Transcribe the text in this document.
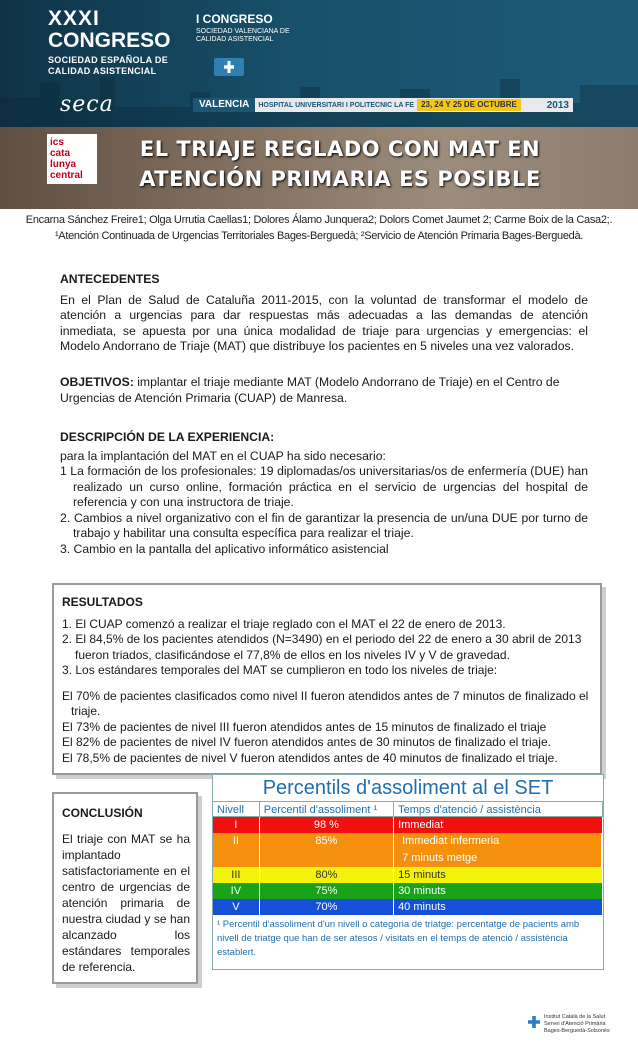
XXXI
CONGRESO
SOCIEDAD ESPAÑOLA DE CALIDAD ASISTENCIAL
seca
I CONGRESO
SOCIEDAD VALENCIANA DE CALIDAD ASISTENCIAL
VALENCIA	HOSPITAL UNIVERSITARI I POLITECNIC LA FE 23, 24 Y 25 DE OCTUBRE	2013
ics
cata
lunya
central
EL TRIAJE REGLADO CON MAT EN
ATENCIÓN PRIMARIA ES POSIBLE
Encarna Sánchez Freire1; Olga Urrutia Caellas1; Dolores Álamo Junquera2; Dolors Comet Jaumet 2; Carme Boix de la Casa2;.
¹Atención Continuada de Urgencias Territoriales Bages-Berguedà; ²Servicio de Atención Primaria Bages-Berguedà.
ANTECEDENTES
En el Plan de Salud de Cataluña 2011-2015, con la voluntad de transformar el modelo de atención a urgencias para dar respuestas más adecuadas a las demandas de atención inmediata, se apuesta por una única modalidad de triaje para urgencias y emergencias: el Modelo Andorrano de Triaje (MAT) que distribuye los pacientes en 5 niveles una vez valorados.
OBJETIVOS: implantar el triaje mediante MAT (Modelo Andorrano de Triaje) en el Centro de Urgencias de Atención Primaria (CUAP) de Manresa.
DESCRIPCIÓN DE LA EXPERIENCIA:
para la implantación del MAT en el CUAP ha sido necesario:
1 La formación de los profesionales: 19 diplomadas/os universitarias/os de enfermería (DUE) han realizado un curso online, formación práctica en el servicio de urgencias del hospital de referencia y con una instructora de triaje.
2. Cambios a nivel organizativo con el fin de garantizar la presencia de un/una DUE por turno de trabajo y habilitar una consulta específica para realizar el triaje.
3. Cambio en la pantalla del aplicativo informático asistencial
RESULTADOS
1. El CUAP comenzó a realizar el triaje reglado con el MAT el 22 de enero de 2013.
2. El 84,5% de los pacientes atendidos (N=3490) en el periodo del 22 de enero a 30 abril de 2013 fueron triados, clasificándose el 77,8% de ellos en los niveles IV y V de gravedad.
3. Los estándares temporales del MAT se cumplieron en todo los niveles de triaje:
El 70% de pacientes clasificados como nivel II fueron atendidos antes de 7 minutos de finalizado el triaje.
El 73% de pacientes de nivel III fueron atendidos antes de 15 minutos de finalizado el triaje
El 82% de pacientes de nivel IV fueron atendidos antes de 30 minutos de finalizado el triaje.
El 78,5% de pacientes de nivel V fueron atendidos antes de 40 minutos de finalizado el triaje.
CONCLUSIÓN
El triaje con MAT se ha implantado satisfactoriamente en el centro de urgencias de atención primaria de nuestra ciudad y se han alcanzado los estándares temporales de referencia.
Percentils d'assoliment al el SET
Nivell	Percentil d'assoliment ¹	Temps d'atenció / assistència
I	98 %	Immediat
II	85%	Immediat infermeria
7 minuts metge
III	80%	15 minuts
IV	75%	30 minuts
V	70%	40 minuts
¹ Percentil d'assoliment d'un nivell o categoria de triatge: percentatge de pacients amb nivell de triatge que han de ser atesos / visitats en el temps de atenció / assistència establert.
Institut Català de la Salut
Servei d'Atenció Primària
Bages-Berguedà-Solsonès
